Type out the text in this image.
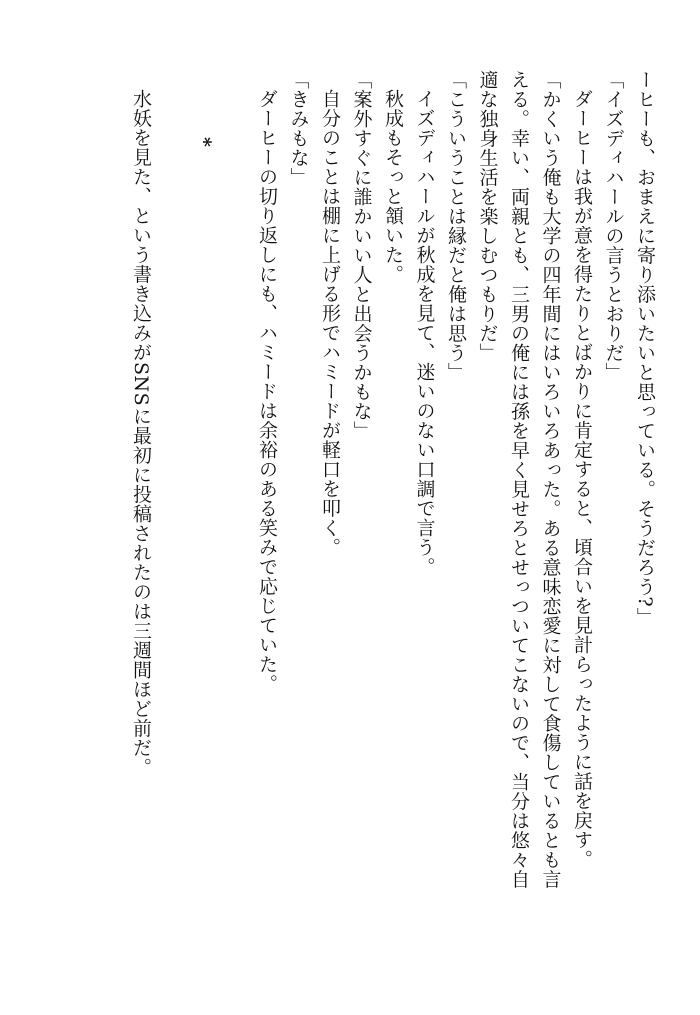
ーヒーも、おまえに寄り添いたいと思っている。そうだろう?」
「イズディハールの言うとおりだ」
ダーヒーは我が意を得たりとばかりに肯定すると、頃合いを見計らったように話を戻す。
「かくいう俺も大学の四年間にはいろいろあった。ある意味恋愛に対して食傷しているとも言
える。幸い、両親とも、三男の俺には孫を早く見せろとせっついてこないので、当分は悠々自
適な独身生活を楽しむつもりだ」
「こういうことは縁だと俺は思う」
イズディハールが秋成を見て、迷いのない口調で言う。
秋成もそっと頷いた。
「案外すぐに誰かいい人と出会うかもな」
自分のことは棚に上げる形でハミードが軽口を叩く。
「きみもな」
ダーヒーの切り返しにも、ハミードは余裕のある笑みで応じていた。
*
水妖を見た、という書き込みがSNSに最初に投稿されたのは三週間ほど前だ。
